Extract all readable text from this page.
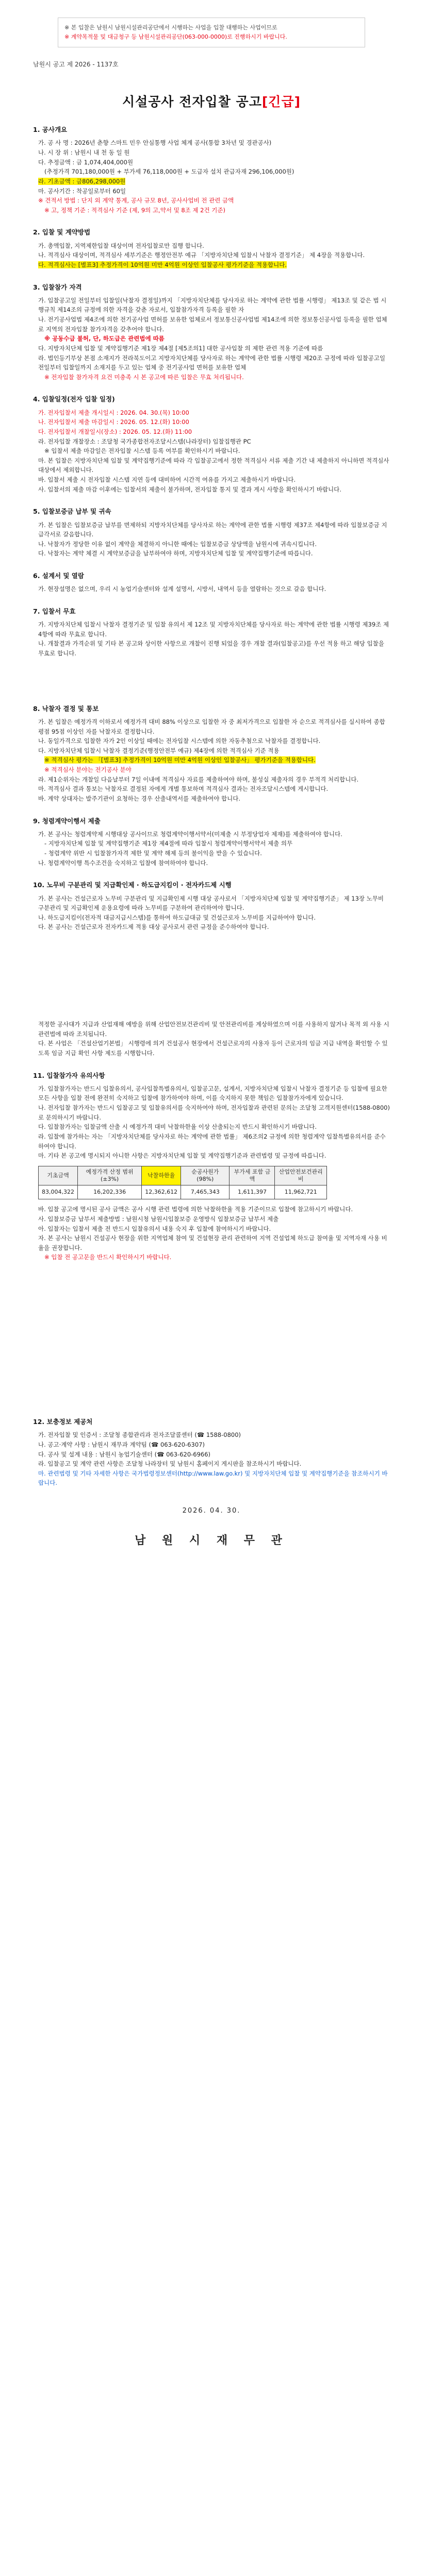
※ 본 입찰은 남원시 남원시설관리공단에서 시행하는 사업을 입찰 대행하는 사업이므로
※ 계약목적물 및 대금청구 등 남원시설관리공단(063-000-0000)로 진행하시기 바랍니다.
남원시 공고 제 2026 - 1137호
시설공사 전자입찰 공고[긴급]
1. 공사개요
가. 공 사 명 : 2026년 춘향 스마트 민우 안심통행 사업 체계 공사(통합 3차년 및 경관공사)
나. 시 장 위 : 남원시 내 천 동 일 원
다. 추정금액 : 금 1,074,404,000원
(추정가격 701,180,000원 + 부가세 76,118,000원 + 도급자 설치 관급자재 296,106,000원)
라. 기초금액 : 금806,298,000원
마. 공사기간 : 착공일로부터 60일
※ 견적서 방법 : 단지 외 계약 통계, 공사 규모 8년, 공사사업비 전 관련 금액
※ 고, 정책 기준 : 적격심사 기준 (제, 9의 고,약서 및 8조 제 2건 기준)
2. 입찰 및 계약방법
가. 총액입찰, 지역제한입찰 대상이며 전자입찰로만 집행 합니다.
나. 적격심사 대상이며, 적격심사 세부기준은 행정안전부 예규 「지방자치단체 입찰시 낙찰자 결정기준」 제 4장을 적용합니다.
다. 적격심사는 [별표3] 추정가격이 10억원 미만 4억원 이상인 입찰공사 평가기준을 적용합니다.
3. 입찰참가 자격
가. 입찰공고일 전일부터 입찰일(낙찰자 결정일)까지 「지방자치단체를 당사자로 하는 계약에 관한 법률 시행령」 제13조 및 같은 법 시행규칙 제14조의 규정에 의한 자격을 갖춘 자로서, 입찰참가자격 등록을 필한 자
나. 전기공사업법 제4조에 의한 전기공사업 면허를 보유한 업체로서 정보통신공사업법 제14조에 의한 정보통신공사업 등록을 필한 업체로 지역의 전자입찰 참가자격을 갖추어야 합니다.
※ 공동수급 불허, 단, 하도급은 관련법에 따름
다. 지방자치단체 입찰 및 계약집행기준 제1장 제4절 [제5조의1] 대한 공사입찰 의 제한 관련 적용 기준에 따름
라. 법인등기부상 본점 소재지가 전라북도이고 지방자치단체를 당사자로 하는 계약에 관한 법률 시행령 제20조 규정에 따라 입찰공고일 전일부터 입찰일까지 소재지를 두고 있는 업체 중 전기공사업 면허를 보유한 업체
※ 전자입찰 참가자격 요건 미충족 시 본 공고에 따른 입찰은 무효 처리됩니다.
4. 입찰일정(전자 입찰 일정)
가. 전자입찰서 제출 개시일시 : 2026. 04. 30.(목) 10:00
나. 전자입찰서 제출 마감일시 : 2026. 05. 12.(화) 10:00
다. 전자입찰서 개찰일시(장소) : 2026. 05. 12.(화) 11:00
라. 전자입찰 개찰장소 : 조달청 국가종합전자조달시스템(나라장터) 입찰집행관 PC
※ 입찰서 제출 마감일은 전자입찰 시스템 등록 여부를 확인하시기 바랍니다.
마. 본 입찰은 지방자치단체 입찰 및 계약집행기준에 따라 각 입찰공고에서 정한 적격심사 서류 제출 기간 내 제출하지 아니하면 적격심사 대상에서 제외합니다.
바. 입찰서 제출 시 전자입찰 시스템 지연 등에 대비하여 시간적 여유를 가지고 제출하시기 바랍니다.
사. 입찰서의 제출 마감 이후에는 입찰서의 제출이 불가하며, 전자입찰 통지 및 결과 게시 사항을 확인하시기 바랍니다.
5. 입찰보증금 납부 및 귀속
가. 본 입찰은 입찰보증금 납부를 면제하되 지방자치단체를 당사자로 하는 계약에 관한 법률 시행령 제37조 제4항에 따라 입찰보증금 지급각서로 갈음합니다.
나. 낙찰자가 정당한 이유 없이 계약을 체결하지 아니한 때에는 입찰보증금 상당액을 남원시에 귀속시킵니다.
다. 낙찰자는 계약 체결 시 계약보증금을 납부하여야 하며, 지방자치단체 입찰 및 계약집행기준에 따릅니다.
6. 설계서 및 열람
가. 현장설명은 없으며, 우리 시 농업기술센터와 설계 설명서, 시방서, 내역서 등을 열람하는 것으로 갈음 합니다.
7. 입찰서 무효
가. 지방자치단체 입찰시 낙찰자 결정기준 및 입찰 유의서 제 12조 및 지방자치단체를 당사자로 하는 계약에 관한 법률 시행령 제39조 제4항에 따라 무효로 합니다.
나. 개찰결과 가격순위 및 기타 본 공고와 상이한 사항으로 개찰이 진행 되었을 경우 개찰 결과(입찰공고)를 우선 적용 하고 해당 입찰을 무효로 합니다.
8. 낙찰자 결정 및 통보
가. 본 입찰은 예정가격 이하로서 예정가격 대비 88% 이상으로 입찰한 자 중 최저가격으로 입찰한 자 순으로 적격심사를 실시하여 종합평점 95점 이상인 자를 낙찰자로 결정합니다.
나. 동일가격으로 입찰한 자가 2인 이상일 때에는 전자입찰 시스템에 의한 자동추첨으로 낙찰자를 결정합니다.
다. 지방자치단체 입찰시 낙찰자 결정기준(행정안전부 예규) 제4장에 의한 적격심사 기준 적용
※ 적격심사 평가는 「[별표3] 추정가격이 10억원 미만 4억원 이상인 입찰공사」 평가기준을 적용합니다.
※ 적격심사 분야는 전기공사 분야
라. 제1순위자는 개찰일 다음날부터 7일 이내에 적격심사 자료를 제출하여야 하며, 불성실 제출자의 경우 부적격 처리합니다.
마. 적격심사 결과 통보는 낙찰자로 결정된 자에게 개별 통보하며 적격심사 결과는 전자조달시스템에 게시합니다.
바. 계약 상대자는 발주기관이 요청하는 경우 산출내역서를 제출하여야 합니다.
9. 청렴계약이행서 제출
가. 본 공사는 청렴계약제 시행대상 공사이므로 청렴계약이행서약서(미제출 시 부정당업자 제재)를 제출하여야 합니다.
- 지방자치단체 입찰 및 계약집행기준 제1장 제4절에 따라 입찰시 청렴계약이행서약서 제출 의무
- 청렴계약 위반 시 입찰참가자격 제한 및 계약 해제 등의 불이익을 받을 수 있습니다.
나. 청렴계약이행 특수조건을 숙지하고 입찰에 참여하여야 합니다.
10. 노무비 구분관리 및 지급확인제 · 하도급지킴이 · 전자카드제 시행
가. 본 공사는 건설근로자 노무비 구분관리 및 지급확인제 시행 대상 공사로서 「지방자치단체 입찰 및 계약집행기준」 제 13장 노무비 구분관리 및 지급확인제 운용요령에 따라 노무비를 구분하여 관리하여야 합니다.
나. 하도급지킴이(전자적 대금지급시스템)를 통하여 하도급대금 및 건설근로자 노무비를 지급하여야 합니다.
다. 본 공사는 건설근로자 전자카드제 적용 대상 공사로서 관련 규정을 준수하여야 합니다.
적정한 공사대가 지급과 산업재해 예방을 위해 산업안전보건관리비 및 안전관리비를 계상하였으며 이를 사용하지 않거나 목적 외 사용 시 관련법에 따라 조치됩니다.
다. 본 사업은 「건설산업기본법」 시행령에 의거 건설공사 현장에서 건설근로자의 사용자 등이 근로자의 임금 지급 내역을 확인할 수 있도록 임금 지급 확인 사항 제도를 시행합니다.
11. 입찰참가자 유의사항
가. 입찰참가자는 반드시 입찰유의서, 공사입찰특별유의서, 입찰공고문, 설계서, 지방자치단체 입찰시 낙찰자 결정기준 등 입찰에 필요한 모든 사항을 입찰 전에 완전히 숙지하고 입찰에 참가하여야 하며, 이를 숙지하지 못한 책임은 입찰참가자에게 있습니다.
나. 전자입찰 참가자는 반드시 입찰공고 및 입찰유의서를 숙지하여야 하며, 전자입찰과 관련된 문의는 조달청 고객지원센터(1588-0800)로 문의하시기 바랍니다.
다. 입찰참가자는 입찰금액 산출 시 예정가격 대비 낙찰하한율 이상 산출되는지 반드시 확인하시기 바랍니다.
라. 입찰에 참가하는 자는 「지방자치단체를 당사자로 하는 계약에 관한 법률」 제6조의2 규정에 의한 청렴계약 입찰특별유의서를 준수하여야 합니다.
마. 기타 본 공고에 명시되지 아니한 사항은 지방자치단체 입찰 및 계약집행기준과 관련법령 및 규정에 따릅니다.
기초금액	예정가격 산정 범위(±3%)	낙찰하한율	순공사원가 (98%)	부가세 포함 금액	산업안전보건관리비
83,004,322	16,202,336	12,362,612	7,465,343	1,611,397	11,962,721
바. 입찰 공고에 명시된 공사 금액은 공사 시행 관련 법령에 의한 낙찰하한율 적용 기준이므로 입찰에 참고하시기 바랍니다.
사. 입찰보증금 납부서 제출방법 : 남원시청 남원시입찰보증 운영방식 입찰보증금 납부서 제출
아. 입찰자는 입찰서 제출 전 반드시 입찰유의서 내용 숙지 후 입찰에 참여하시기 바랍니다.
자. 본 공사는 남원시 건설공사 현장을 위한 지역업체 참여 및 건설현장 관리 관련하여 지역 건설업체 하도급 참여율 및 지역자재 사용 비율을 권장합니다.
※ 입찰 전 공고문을 반드시 확인하시기 바랍니다.
12. 보충정보 제공처
가. 전자입찰 및 인증서 : 조달청 종합관리과 전자조달콜센터 (☎ 1588-0800)
나. 공고·계약 사항 : 남원시 재무과 계약팀 (☎ 063-620-6307)
다. 공사 및 설계 내용 : 남원시 농업기술센터 (☎ 063-620-6966)
라. 입찰공고 및 계약 관련 사항은 조달청 나라장터 및 남원시 홈페이지 게시판을 참조하시기 바랍니다.
마. 관련법령 및 기타 자세한 사항은 국가법령정보센터(http://www.law.go.kr) 및 지방자치단체 입찰 및 계약집행기준을 참조하시기 바랍니다.
2026. 04. 30.
남 원 시 재 무 관
